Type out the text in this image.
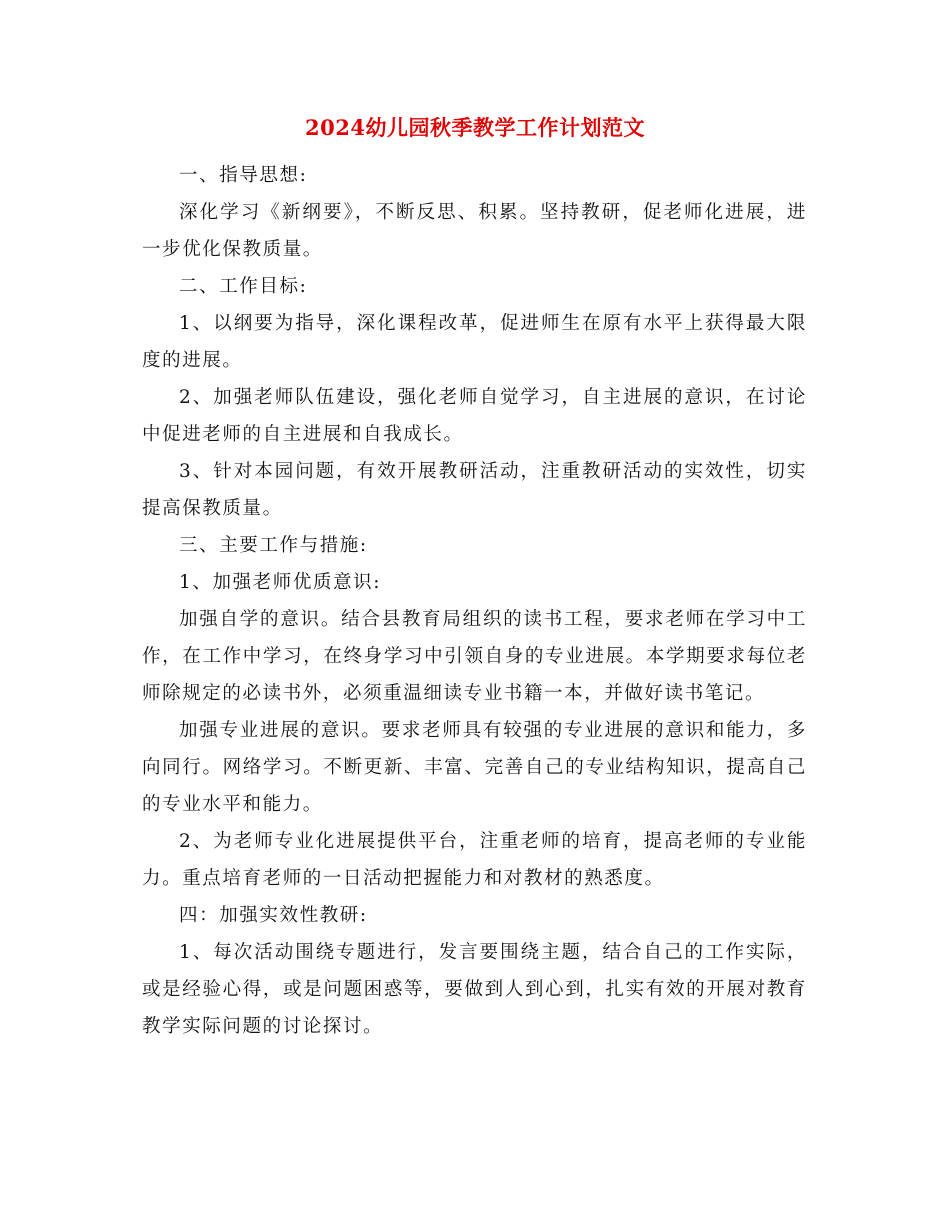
2024幼儿园秋季教学工作计划范文

一、指导思想:

深化学习《新纲要》，不断反思、积累。坚持教研，促老师化进展，进一步优化保教质量。

二、工作目标:

1、以纲要为指导，深化课程改革，促进师生在原有水平上获得最大限度的进展。

2、加强老师队伍建设，强化老师自觉学习，自主进展的意识，在讨论中促进老师的自主进展和自我成长。

3、针对本园问题，有效开展教研活动，注重教研活动的实效性，切实提高保教质量。

三、主要工作与措施:

1、加强老师优质意识:

加强自学的意识。结合县教育局组织的读书工程，要求老师在学习中工作，在工作中学习，在终身学习中引领自身的专业进展。本学期要求每位老师除规定的必读书外，必须重温细读专业书籍一本，并做好读书笔记。

加强专业进展的意识。要求老师具有较强的专业进展的意识和能力，多向同行。网络学习。不断更新、丰富、完善自己的专业结构知识，提高自己的专业水平和能力。

2、为老师专业化进展提供平台，注重老师的培育，提高老师的专业能力。重点培育老师的一日活动把握能力和对教材的熟悉度。

四：加强实效性教研:

1、每次活动围绕专题进行，发言要围绕主题，结合自己的工作实际，或是经验心得，或是问题困惑等，要做到人到心到，扎实有效的开展对教育教学实际问题的讨论探讨。
